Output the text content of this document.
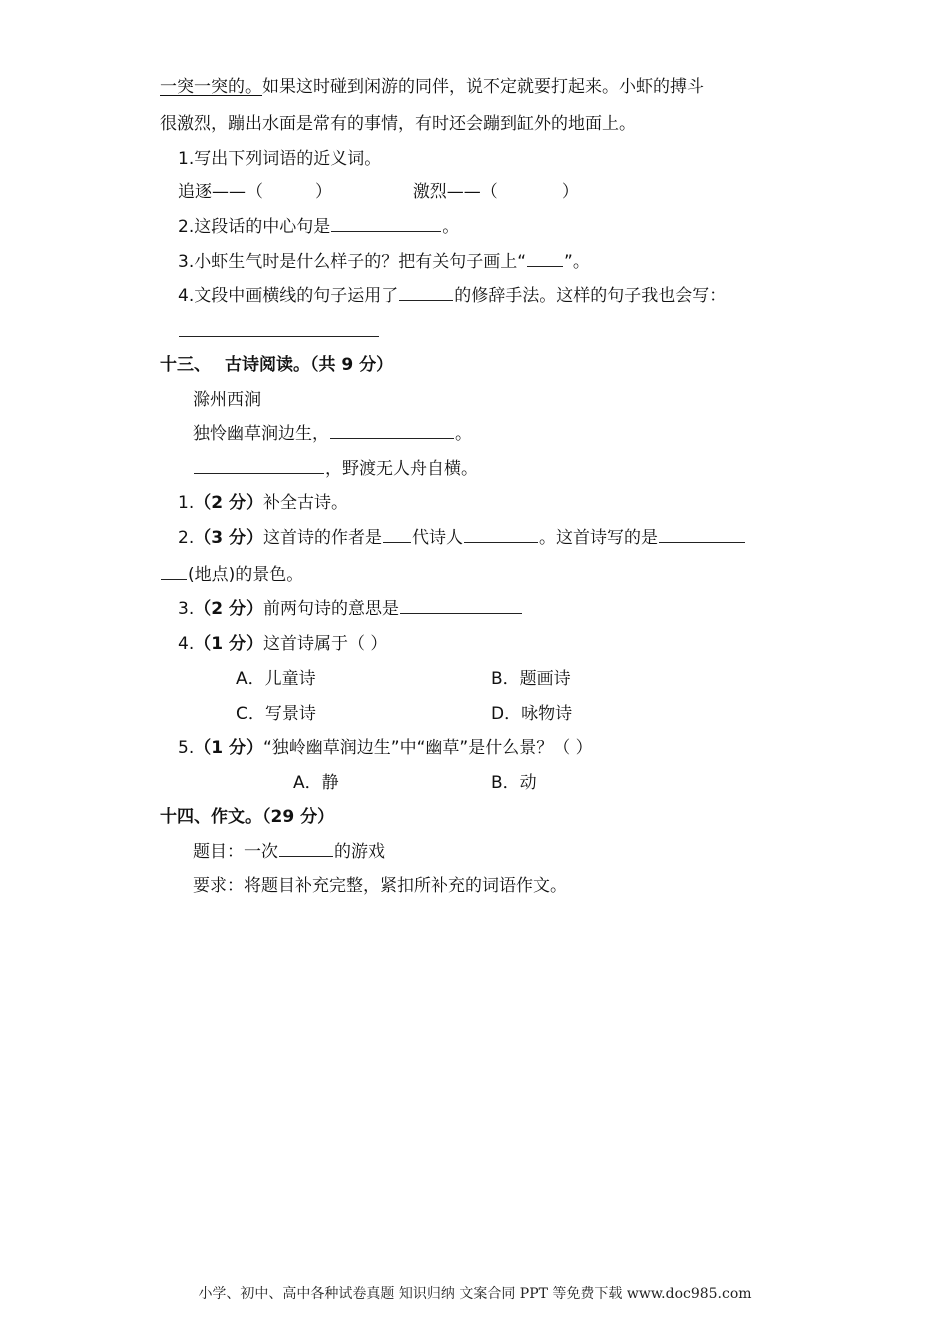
一突一突的。如果这时碰到闲游的同伴，说不定就要打起来。小虾的搏斗
很激烈，蹦出水面是常有的事情，有时还会蹦到缸外的地面上。
1.写出下列词语的近义词。
追逐——（	）	激烈——（	）
2.这段话的中心句是	。
3.小虾生气时是什么样子的？把有关句子画上“ ”。
4.文段中画横线的句子运用了	的修辞手法。这样的句子我也会写：
十三、 古诗阅读。（共 9 分）
滁州西涧
独怜幽草涧边生，	。
，野渡无人舟自横。
1.（2 分）补全古诗。
2.（3 分）这首诗的作者是 代诗人	。这首诗写的是
(地点)的景色。
3.（2 分）前两句诗的意思是
4.（1 分）这首诗属于（ ）
A．儿童诗	B．题画诗
C．写景诗	D．咏物诗
5.（1 分）“独岭幽草润边生”中“幽草”是什么景？（ ）
A．静	B．动
十四、作文。（29 分）
题目：一次	的游戏
要求：将题目补充完整，紧扣所补充的词语作文。
小学、初中、高中各种试卷真题 知识归纳 文案合同 PPT 等免费下载 www.doc985.com
